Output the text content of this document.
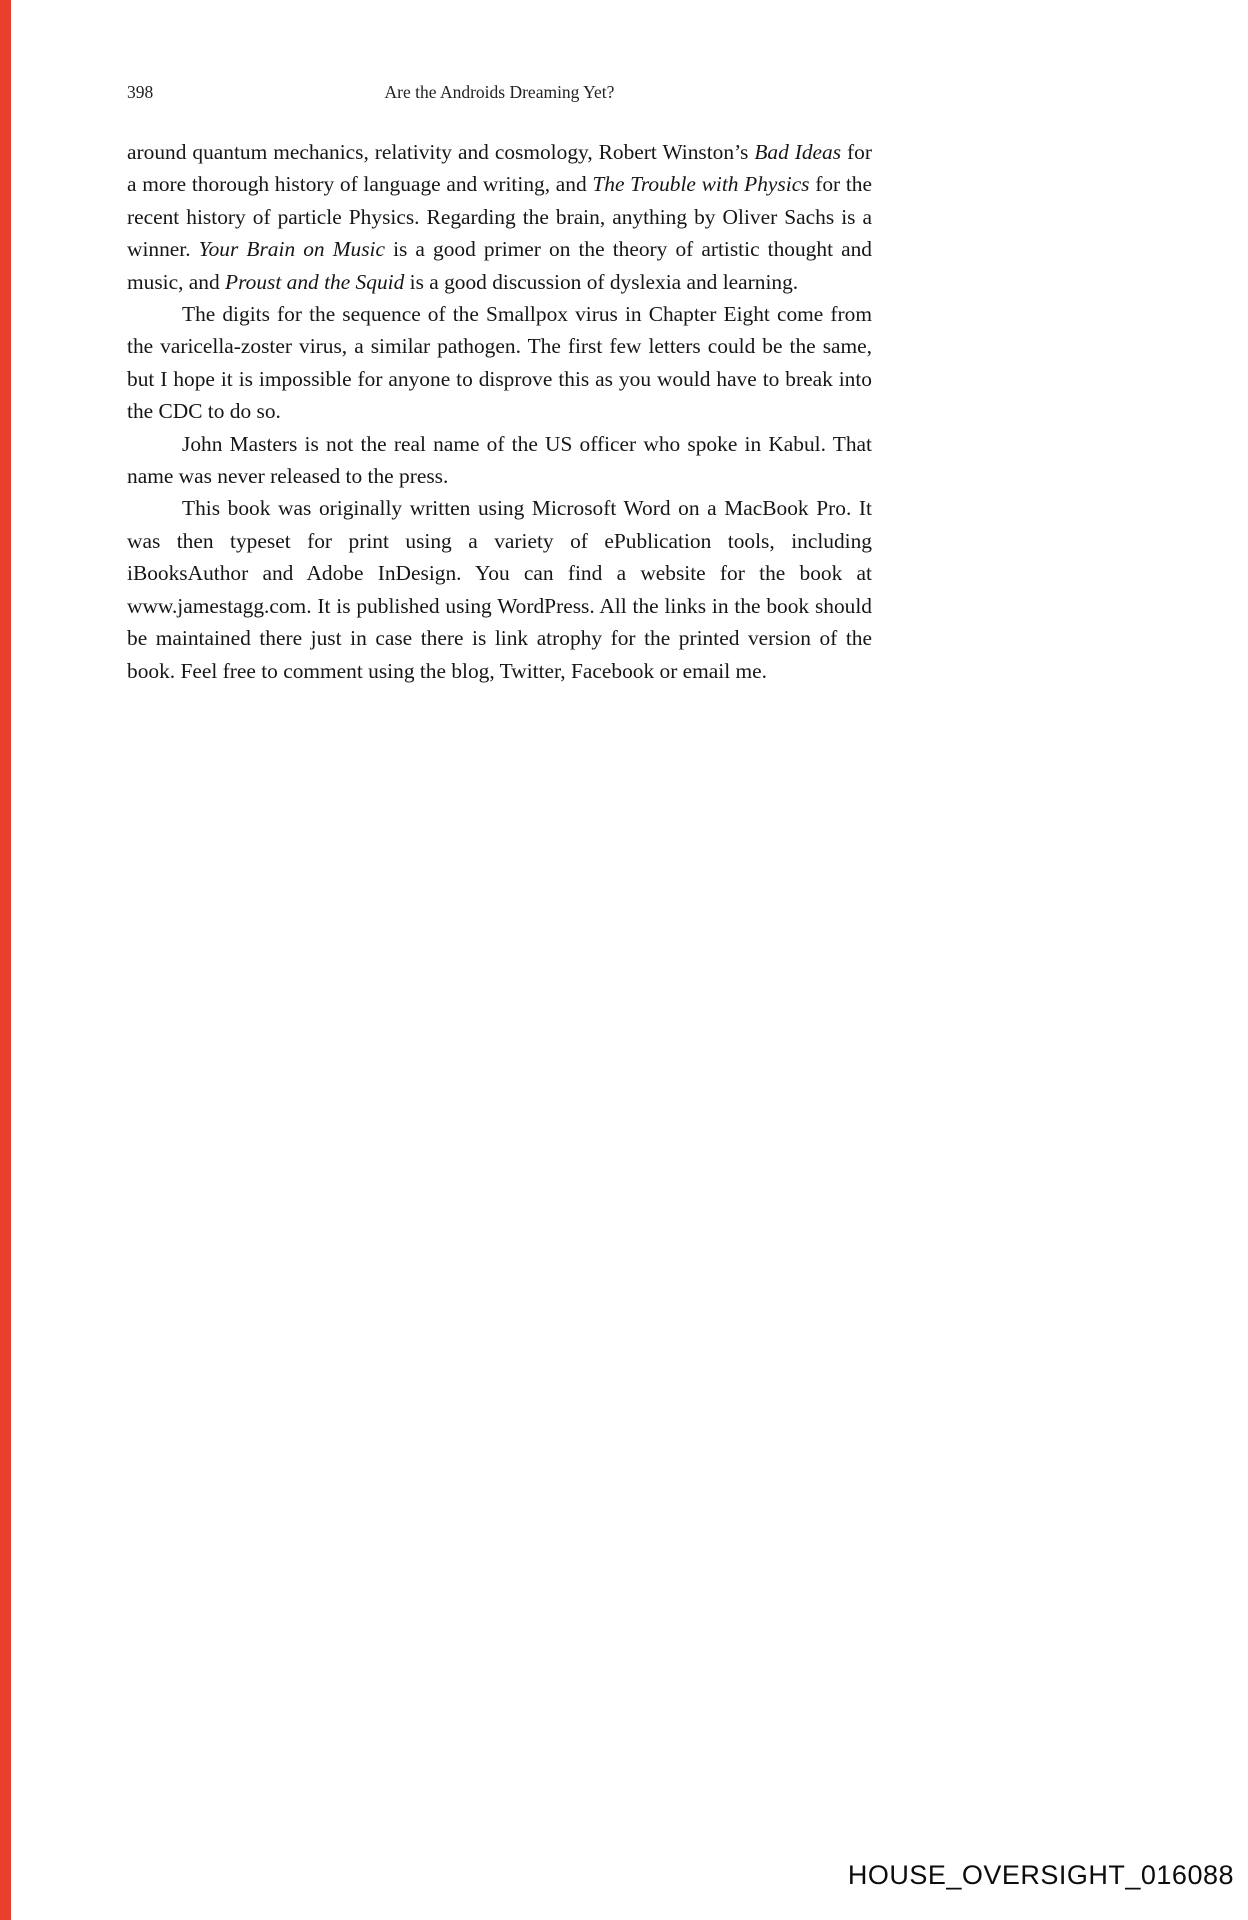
398	Are the Androids Dreaming Yet?

around quantum mechanics, relativity and cosmology, Robert Winston’s Bad Ideas for a more thorough history of language and writing, and The Trouble with Physics for the recent history of particle Physics. Regarding the brain, anything by Oliver Sachs is a winner. Your Brain on Music is a good primer on the theory of artistic thought and music, and Proust and the Squid is a good discussion of dyslexia and learning.

The digits for the sequence of the Smallpox virus in Chapter Eight come from the varicella-zoster virus, a similar pathogen. The first few letters could be the same, but I hope it is impossible for anyone to disprove this as you would have to break into the CDC to do so.

John Masters is not the real name of the US officer who spoke in Kabul. That name was never released to the press.

This book was originally written using Microsoft Word on a MacBook Pro. It was then typeset for print using a variety of ePublication tools, including iBooksAuthor and Adobe InDesign. You can find a website for the book at www.jamestagg.com. It is published using WordPress. All the links in the book should be maintained there just in case there is link atrophy for the printed version of the book. Feel free to comment using the blog, Twitter, Facebook or email me.

HOUSE_OVERSIGHT_016088
